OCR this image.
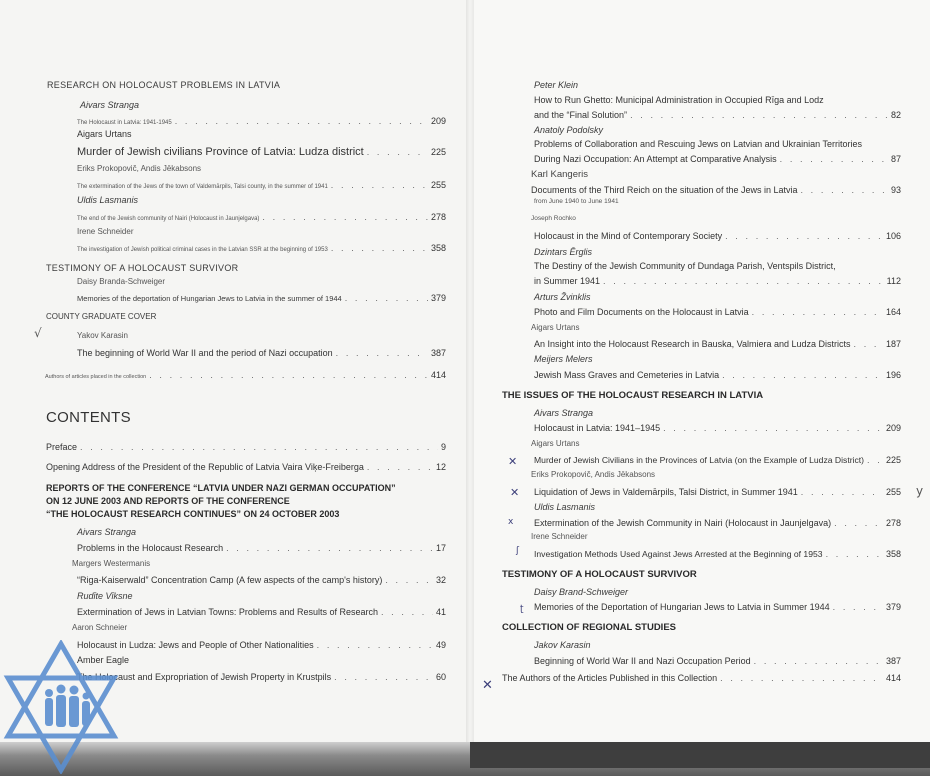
RESEARCH ON HOLOCAUST PROBLEMS IN LATVIA
Aivars Stranga
The Holocaust in Latvia: 1941-1945 . . .	209
Aigars Urtans
Murder of Jewish civilians Province of Latvia: Ludza district . . .	225
Eriks Prokopovič, Andis Jēkabsons
The extermination of the Jews of the town of Valdemārpils, Talsi county, in the summer of 1941 . . .	255
Uldis Lasmanis
The end of the Jewish community of Nairi (Holocaust in Jaunjelgava) . . .	278
Irene Schneider
The investigation of Jewish political criminal cases in the Latvian SSR at the beginning of 1953 . . .	358
TESTIMONY OF A HOLOCAUST SURVIVOR
Daisy Branda-Schweiger
Memories of the deportation of Hungarian Jews to Latvia in the summer of 1944 . . .	379
COUNTY GRADUATE COVER
Yakov Karasin
The beginning of World War II and the period of Nazi occupation . . .	387
Authors of articles placed in the collection . . .	414
CONTENTS
Preface . . .	9
Opening Address of the President of the Republic of Latvia Vaira Viķe-Freiberga . . .	12
REPORTS OF THE CONFERENCE “LATVIA UNDER NAZI GERMAN OCCUPATION”
ON 12 JUNE 2003 AND REPORTS OF THE CONFERENCE
“THE HOLOCAUST RESEARCH CONTINUES” ON 24 OCTOBER 2003
Aivars Stranga
Problems in the Holocaust Research . . .	17
Margers Westermanis
“Riga-Kaiserwald” Concentration Camp (A few aspects of the camp's history) . . .	32
Rudīte Vīksne
Extermination of Jews in Latvian Towns: Problems and Results of Research . . .	41
Aaron Schneier
Holocaust in Ludza: Jews and People of Other Nationalities . . .	49
Amber Eagle
The Holocaust and Expropriation of Jewish Property in Krustpils . . .	60
√
✕
✕
x
ʃ
ʈ
✕
y
Peter Klein
How to Run Ghetto: Municipal Administration in Occupied Rīga and Lodz
and the “Final Solution” . . .	82
Anatoly Podolsky
Problems of Collaboration and Rescuing Jews on Latvian and Ukrainian Territories
During Nazi Occupation: An Attempt at Comparative Analysis . . .	87
Karl Kangeris
Documents of the Third Reich on the situation of the Jews in Latvia . . .	93
from June 1940 to June 1941
Joseph Rochko
Holocaust in the Mind of Contemporary Society . . .	106
Dzintars Ērglis
The Destiny of the Jewish Community of Dundaga Parish, Ventspils District,
in Summer 1941 . . .	112
Arturs Žvinklis
Photo and Film Documents on the Holocaust in Latvia . . .	164
Aigars Urtans
An Insight into the Holocaust Research in Bauska, Valmiera and Ludza Districts . . .	187
Meijers Melers
Jewish Mass Graves and Cemeteries in Latvia . . .	196
THE ISSUES OF THE HOLOCAUST RESEARCH IN LATVIA
Aivars Stranga
Holocaust in Latvia: 1941–1945 . . .	209
Aigars Urtans
Murder of Jewish Civilians in the Provinces of Latvia (on the Example of Ludza District) . . . 225
Eriks Prokopovič, Andis Jēkabsons
Liquidation of Jews in Valdemārpils, Talsi District, in Summer 1941 . . .	255
Uldis Lasmanis
Extermination of the Jewish Community in Nairi (Holocaust in Jaunjelgava) . . .	278
Irene Schneider
Investigation Methods Used Against Jews Arrested at the Beginning of 1953 . . .	358
TESTIMONY OF A HOLOCAUST SURVIVOR
Daisy Brand-Schweiger
Memories of the Deportation of Hungarian Jews to Latvia in Summer 1944 . . .	379
COLLECTION OF REGIONAL STUDIES
Jakov Karasin
Beginning of World War II and Nazi Occupation Period . . .	387
The Authors of the Articles Published in this Collection . . .	414
